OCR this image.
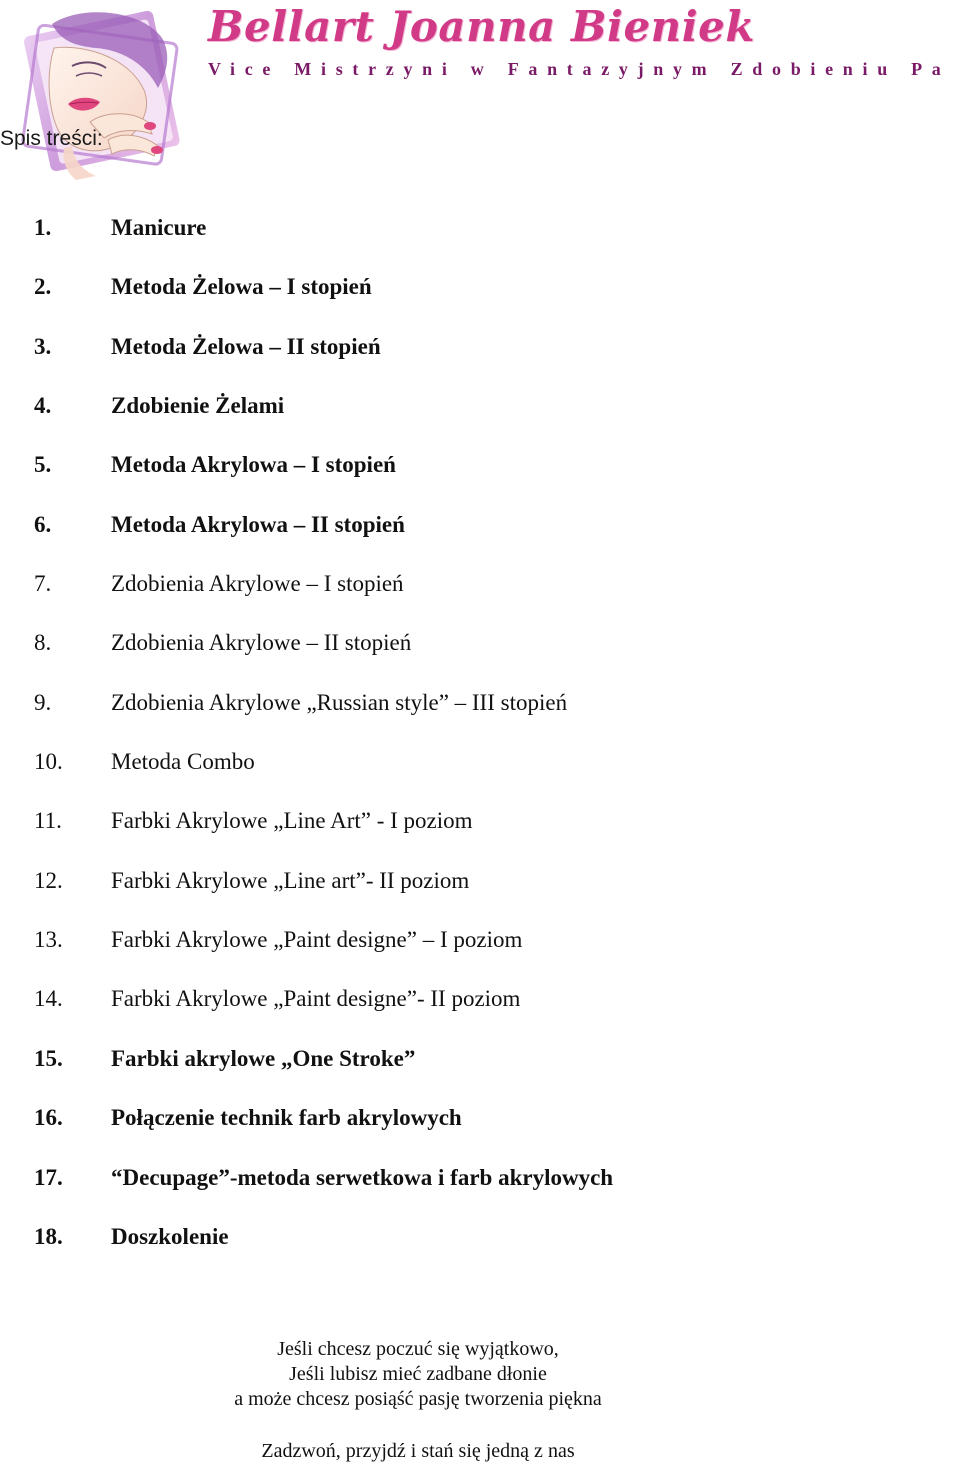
Bellart Joanna Bieniek
Vice Mistrzyni w Fantazyjnym Zdobieniu Pa
Spis treści:
1.	Manicure
2.	Metoda Żelowa – I stopień
3.	Metoda Żelowa – II stopień
4.	Zdobienie Żelami
5.	Metoda Akrylowa – I stopień
6.	Metoda Akrylowa – II stopień
7.	Zdobienia Akrylowe – I stopień
8.	Zdobienia Akrylowe – II stopień
9.	Zdobienia Akrylowe „Russian style” – III stopień
10. Metoda Combo
11. Farbki Akrylowe „Line Art” - I poziom
12. Farbki Akrylowe „Line art”- II poziom
13. Farbki Akrylowe „Paint designe” – I poziom
14. Farbki Akrylowe „Paint designe”- II poziom
15. Farbki akrylowe „One Stroke”
16. Połączenie technik farb akrylowych
17. “Decupage”-metoda serwetkowa i farb akrylowych
18. Doszkolenie
Jeśli chcesz poczuć się wyjątkowo,
Jeśli lubisz mieć zadbane dłonie
a może chcesz posiąść pasję tworzenia piękna
Zadzwoń, przyjdź i stań się jedną z nas
